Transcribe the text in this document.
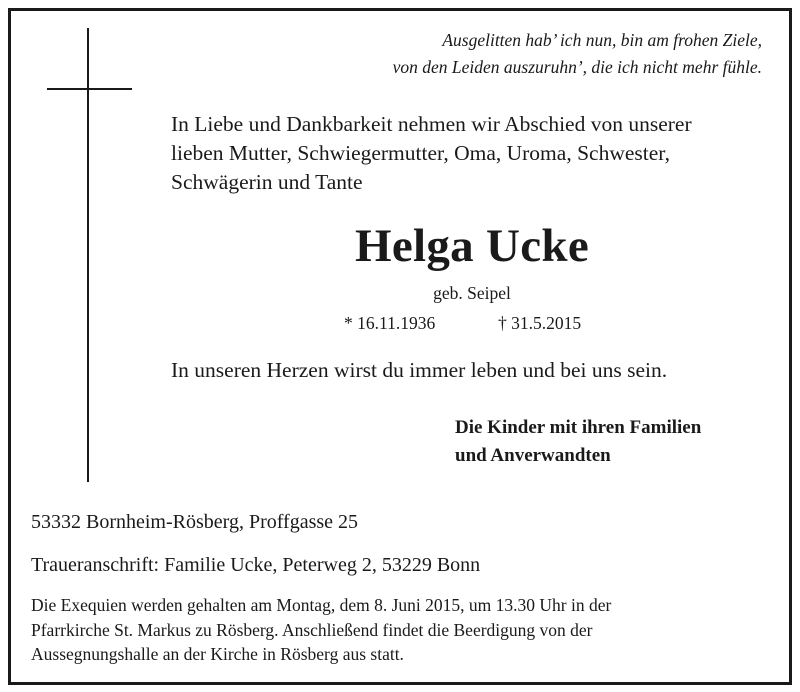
Ausgelitten hab’ ich nun, bin am frohen Ziele,
von den Leiden auszuruhn’, die ich nicht mehr fühle.
In Liebe und Dankbarkeit nehmen wir Abschied von unserer
lieben Mutter, Schwiegermutter, Oma, Uroma, Schwester,
Schwägerin und Tante
Helga Ucke
geb. Seipel
* 16.11.1936	† 31.5.2015
In unseren Herzen wirst du immer leben und bei uns sein.
Die Kinder mit ihren Familien
und Anverwandten
53332 Bornheim-Rösberg, Proffgasse 25
Traueranschrift: Familie Ucke, Peterweg 2, 53229 Bonn
Die Exequien werden gehalten am Montag, dem 8. Juni 2015, um 13.30 Uhr in der
Pfarrkirche St. Markus zu Rösberg. Anschließend findet die Beerdigung von der
Aussegnungshalle an der Kirche in Rösberg aus statt.
